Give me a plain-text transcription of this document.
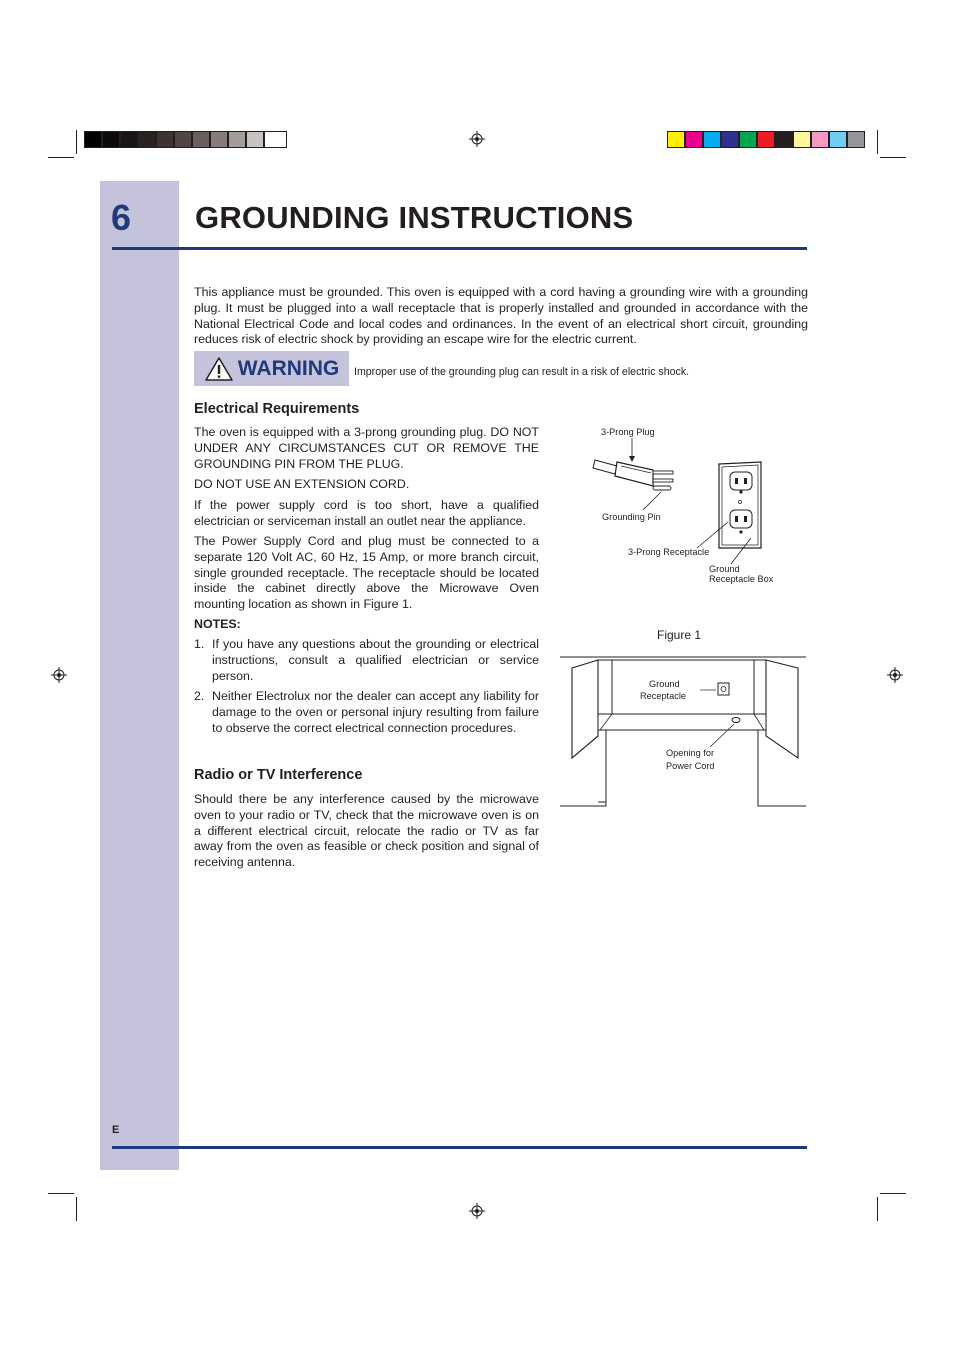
6 GROUNDING INSTRUCTIONS

This appliance must be grounded. This oven is equipped with a cord having a grounding wire with a grounding plug. It must be plugged into a wall receptacle that is properly installed and grounded in accordance with the National Electrical Code and local codes and ordinances. In the event of an electrical short circuit, grounding reduces risk of electric shock by providing an escape wire for the electric current.

WARNING Improper use of the grounding plug can result in a risk of electric shock.
Electrical Requirements

The oven is equipped with a 3-prong grounding plug. DO NOT UNDER ANY CIRCUMSTANCES CUT OR REMOVE THE GROUNDING PIN FROM THE PLUG.

DO NOT USE AN EXTENSION CORD.

If the power supply cord is too short, have a qualified electrician or serviceman install an outlet near the appliance.

The Power Supply Cord and plug must be connected to a separate 120 Volt AC, 60 Hz, 15 Amp, or more branch circuit, single grounded receptacle. The receptacle should be located inside the cabinet directly above the Microwave Oven mounting location as shown in Figure 1.

NOTES:

1. If you have any questions about the grounding or electrical instructions, consult a qualified electrician or service person.
2. Neither Electrolux nor the dealer can accept any liability for damage to the oven or personal injury resulting from failure to observe the correct electrical connection procedures.
Radio or TV Interference

Should there be any interference caused by the microwave oven to your radio or TV, check that the microwave oven is on a different electrical circuit, relocate the radio or TV as far away from the oven as feasible or check position and signal of receiving antenna.

3-Prong Plug
Grounding Pin
3-Prong Receptacle
Ground
Receptacle Box
Figure 1
Ground
Receptacle
Opening for
Power Cord
E
